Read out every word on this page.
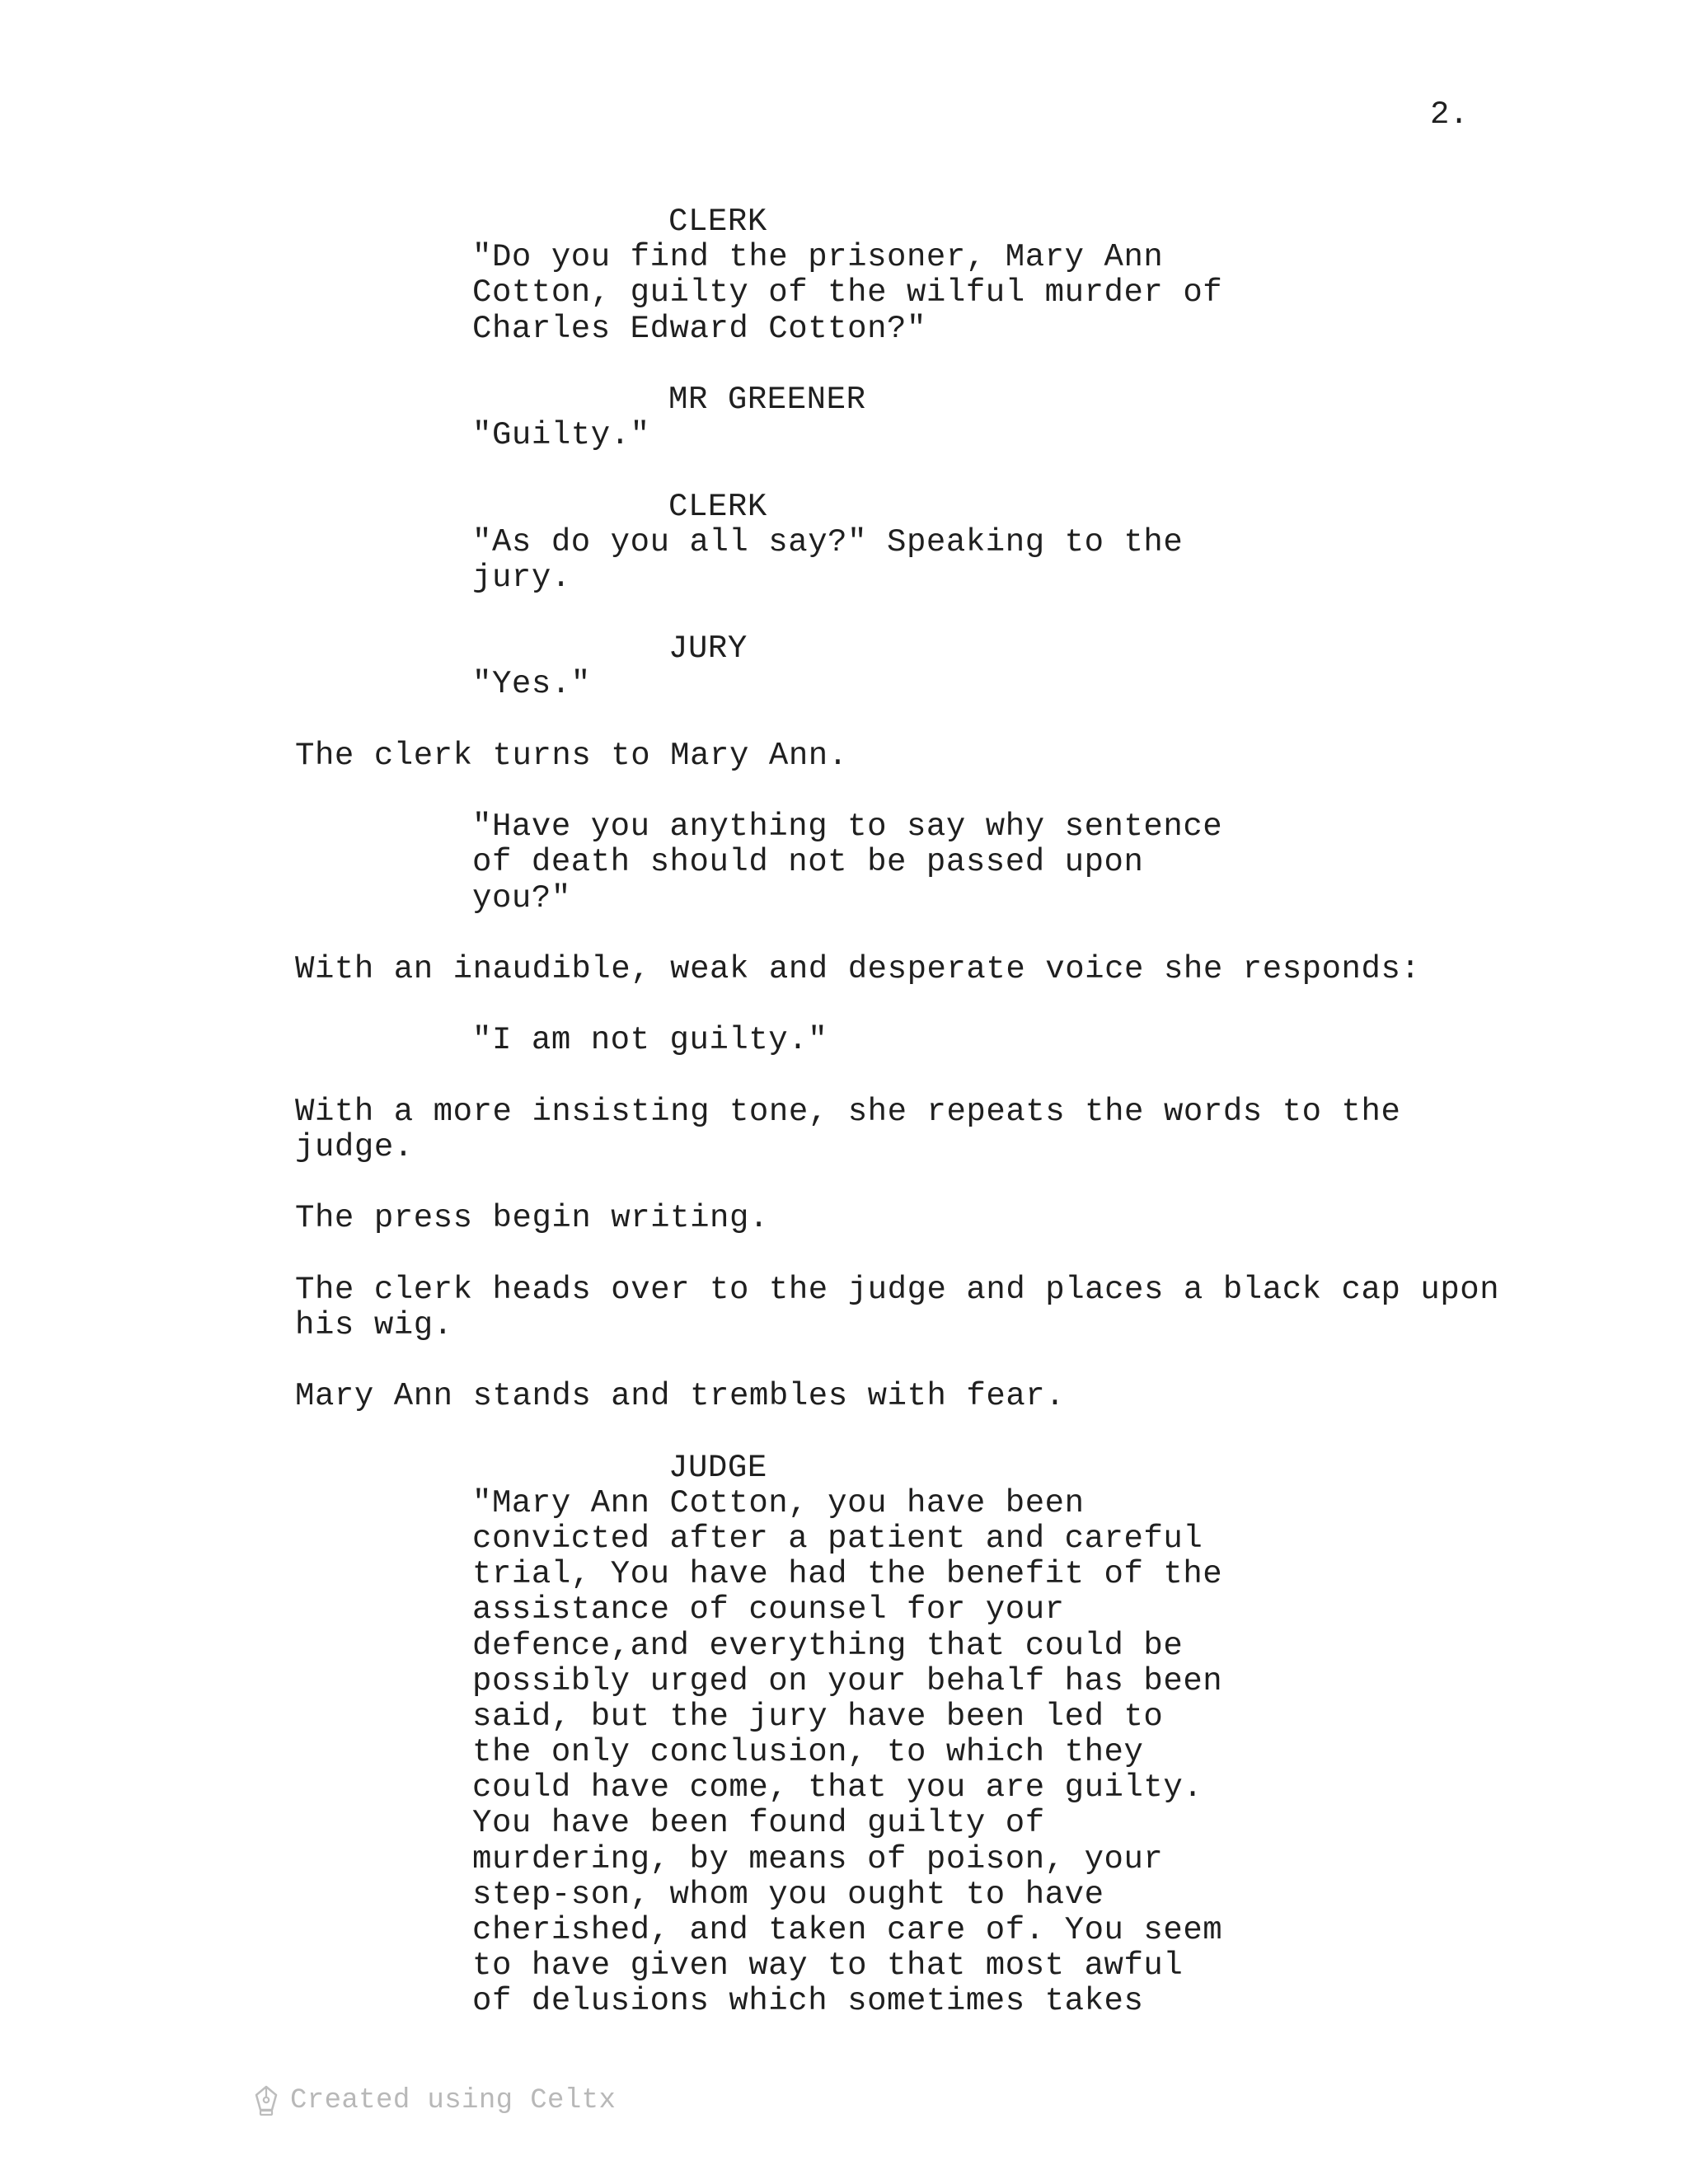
2.
CLERK
"Do you find the prisoner, Mary Ann
Cotton, guilty of the wilful murder of
Charles Edward Cotton?"
MR GREENER
"Guilty."
CLERK
"As do you all say?" Speaking to the
jury.
JURY
"Yes."
The clerk turns to Mary Ann.
"Have you anything to say why sentence
of death should not be passed upon
you?"
With an inaudible, weak and desperate voice she responds:
"I am not guilty."
With a more insisting tone, she repeats the words to the
judge.
The press begin writing.
The clerk heads over to the judge and places a black cap upon
his wig.
Mary Ann stands and trembles with fear.
JUDGE
"Mary Ann Cotton, you have been
convicted after a patient and careful
trial, You have had the benefit of the
assistance of counsel for your
defence,and everything that could be
possibly urged on your behalf has been
said, but the jury have been led to
the only conclusion, to which they
could have come, that you are guilty.
You have been found guilty of
murdering, by means of poison, your
step-son, whom you ought to have
cherished, and taken care of. You seem
to have given way to that most awful
of delusions which sometimes takes
Created using Celtx
